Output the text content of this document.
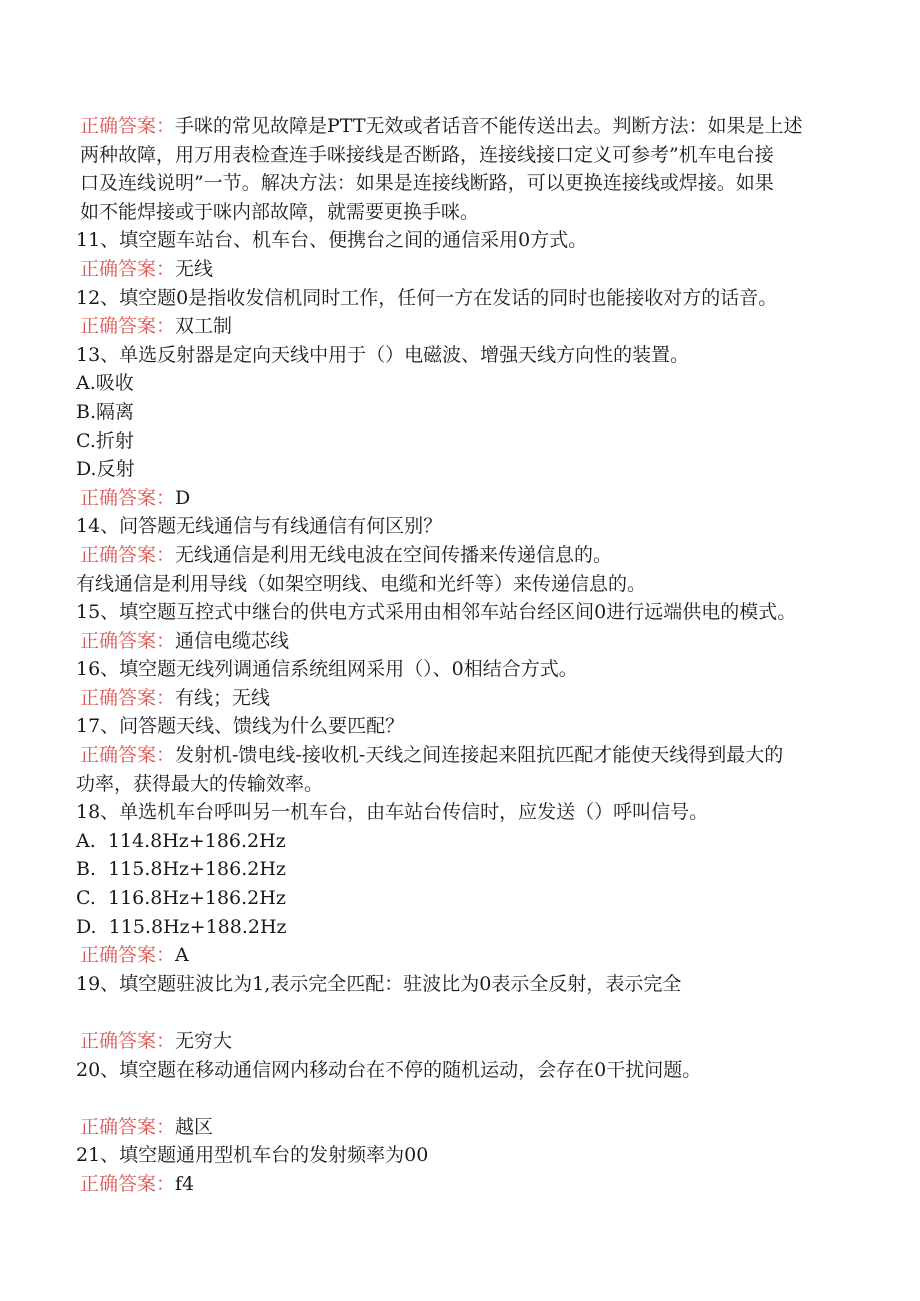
正确答案：手咪的常见故障是PTT无效或者话音不能传送出去。判断方法：如果是上述
两种故障，用万用表检查连手咪接线是否断路，连接线接口定义可参考”机车电台接
口及连线说明”一节。解决方法：如果是连接线断路，可以更换连接线或焊接。如果
如不能焊接或于咪内部故障，就需要更换手咪。
11、填空题车站台、机车台、便携台之间的通信采用0方式。
正确答案：无线
12、填空题0是指收发信机同时工作，任何一方在发话的同时也能接收对方的话音。
正确答案：双工制
13、单选反射器是定向天线中用于（）电磁波、增强天线方向性的装置。
A.吸收
B.隔离
C.折射
D.反射
正确答案：D
14、问答题无线通信与有线通信有何区别？
正确答案：无线通信是利用无线电波在空间传播来传递信息的。
有线通信是利用导线（如架空明线、电缆和光纤等）来传递信息的。
15、填空题互控式中继台的供电方式采用由相邻车站台经区间0进行远端供电的模式。
正确答案：通信电缆芯线
16、填空题无线列调通信系统组网采用（）、0相结合方式。
正确答案：有线；无线
17、问答题天线、馈线为什么要匹配？
正确答案：发射机-馈电线-接收机-天线之间连接起来阻抗匹配才能使天线得到最大的
功率，获得最大的传输效率。
18、单选机车台呼叫另一机车台，由车站台传信时，应发送（）呼叫信号。
A.  114.8Hz+186.2Hz
B.  115.8Hz+186.2Hz
C.  116.8Hz+186.2Hz
D.  115.8Hz+188.2Hz
正确答案：A
19、填空题驻波比为1,表示完全匹配：驻波比为0表示全反射，表示完全
正确答案：无穷大
20、填空题在移动通信网内移动台在不停的随机运动，会存在0干扰问题。
正确答案：越区
21、填空题通用型机车台的发射频率为00
正确答案：f4
